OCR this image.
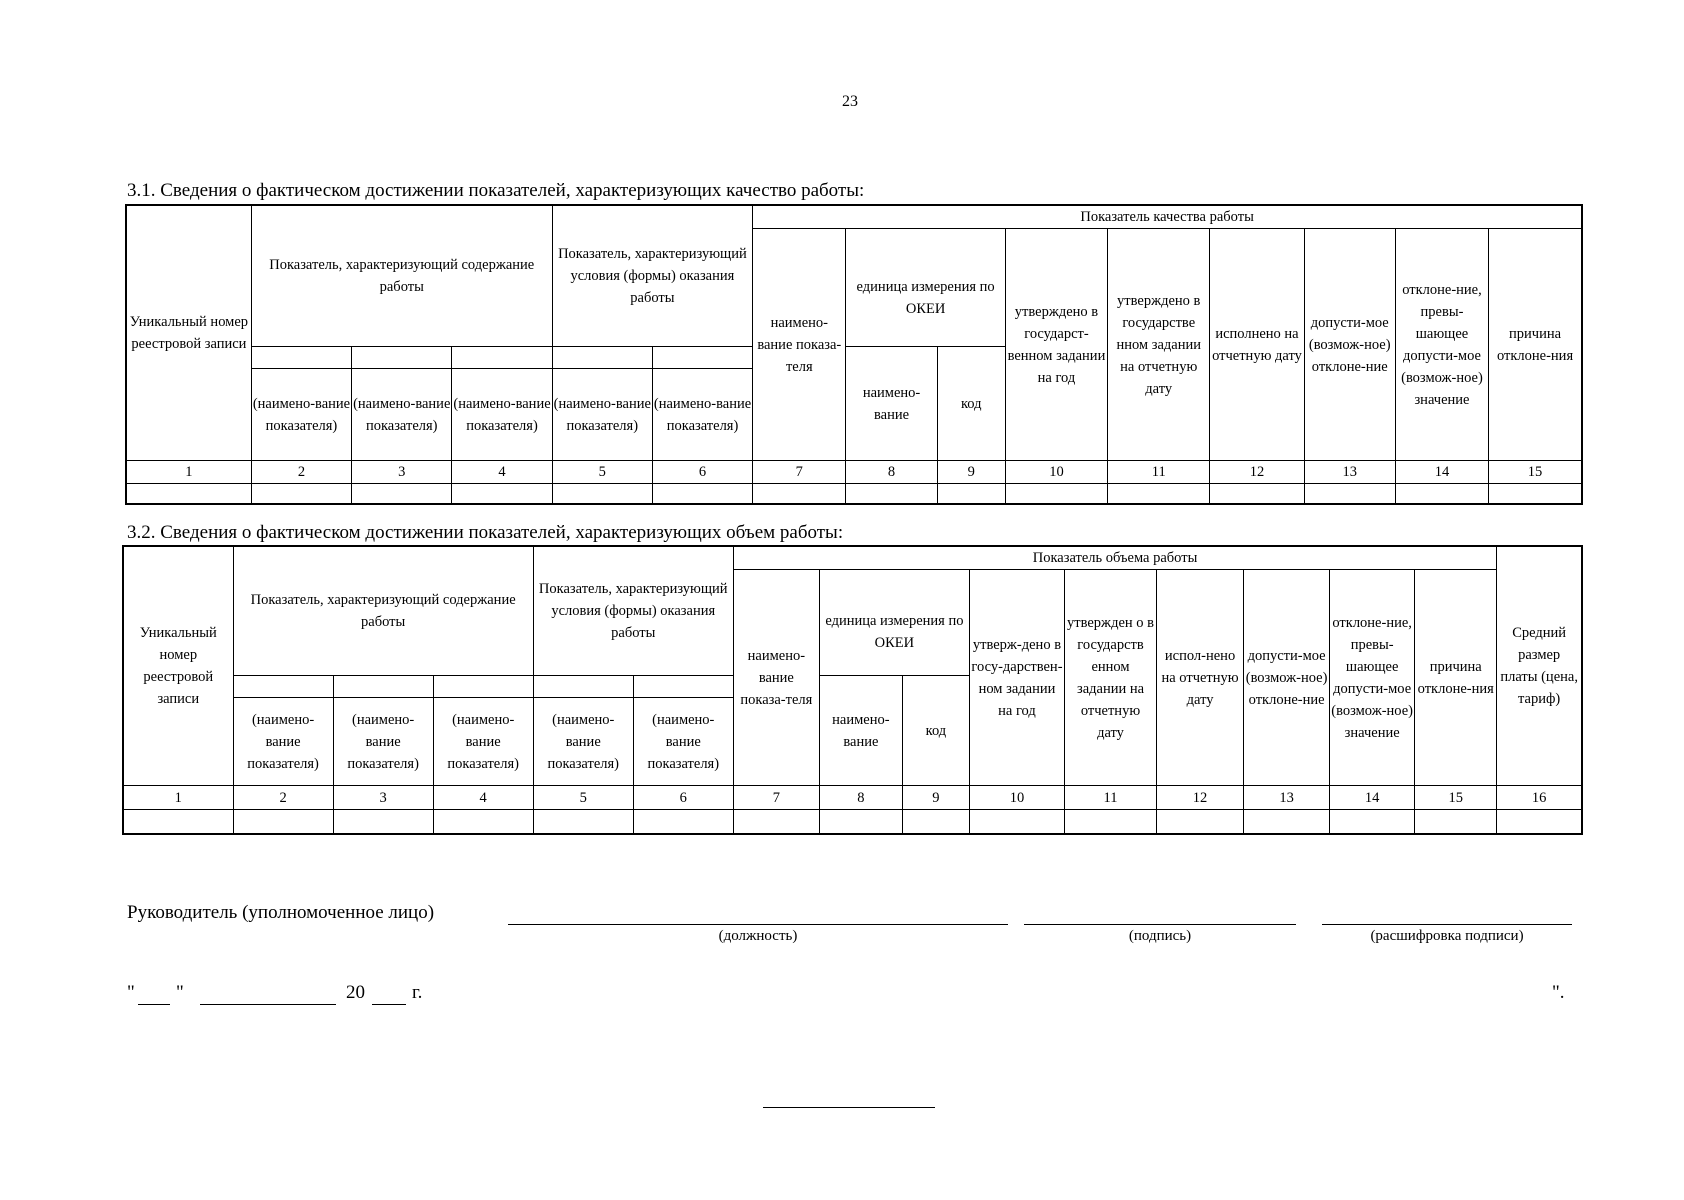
23
3.1. Сведения о фактическом достижении показателей, характеризующих качество работы:
Уникальный номер реестровой записи	Показатель, характеризующий содержание работы			Показатель, характеризующий условия (формы) оказания работы		Показатель качества работы								
						наимено-вание показа-теля	единица измерения по ОКЕИ		утверждено в государст-венном задании на год	утверждено в государстве нном задании на отчетную дату	исполнено на отчетную дату	допусти-мое (возмож-ное) отклоне-ние	отклоне-ние, превы-шающее допусти-мое (возмож-ное) значение	причина отклоне-ния
							наимено-вание	код						
	(наимено-вание показателя)	(наимено-вание показателя)	(наимено-вание показателя)	(наимено-вание показателя)	(наимено-вание показателя)									
1	2	3	4	5	6	7	8	9	10	11	12	13	14	15

3.2. Сведения о фактическом достижении показателей, характеризующих объем работы:
Уникальный номер реестровой записи	Показатель, характеризующий содержание работы			Показатель, характеризующий условия (формы) оказания работы		Показатель объема работы									Средний размер платы (цена, тариф)
						наимено-вание показа-теля	единица измерения по ОКЕИ		утверж-дено в госу-дарствен-ном задании на год	утвержден о в государств енном задании на отчетную дату	испол-нено на отчетную дату	допусти-мое (возмож-ное) отклоне-ние	отклоне-ние, превы-шающее допусти-мое (возмож-ное) значение	причина отклоне-ния	
							наимено-вание	код							
	(наимено-вание показателя)	(наимено-вание показателя)	(наимено-вание показателя)	(наимено-вание показателя)	(наимено-вание показателя)										
1	2	3	4	5	6	7	8	9	10	11	12	13	14	15	16

Руководитель (уполномоченное лицо)
(должность)	(подпись)	(расшифровка подписи)
" "	20 г.	".
